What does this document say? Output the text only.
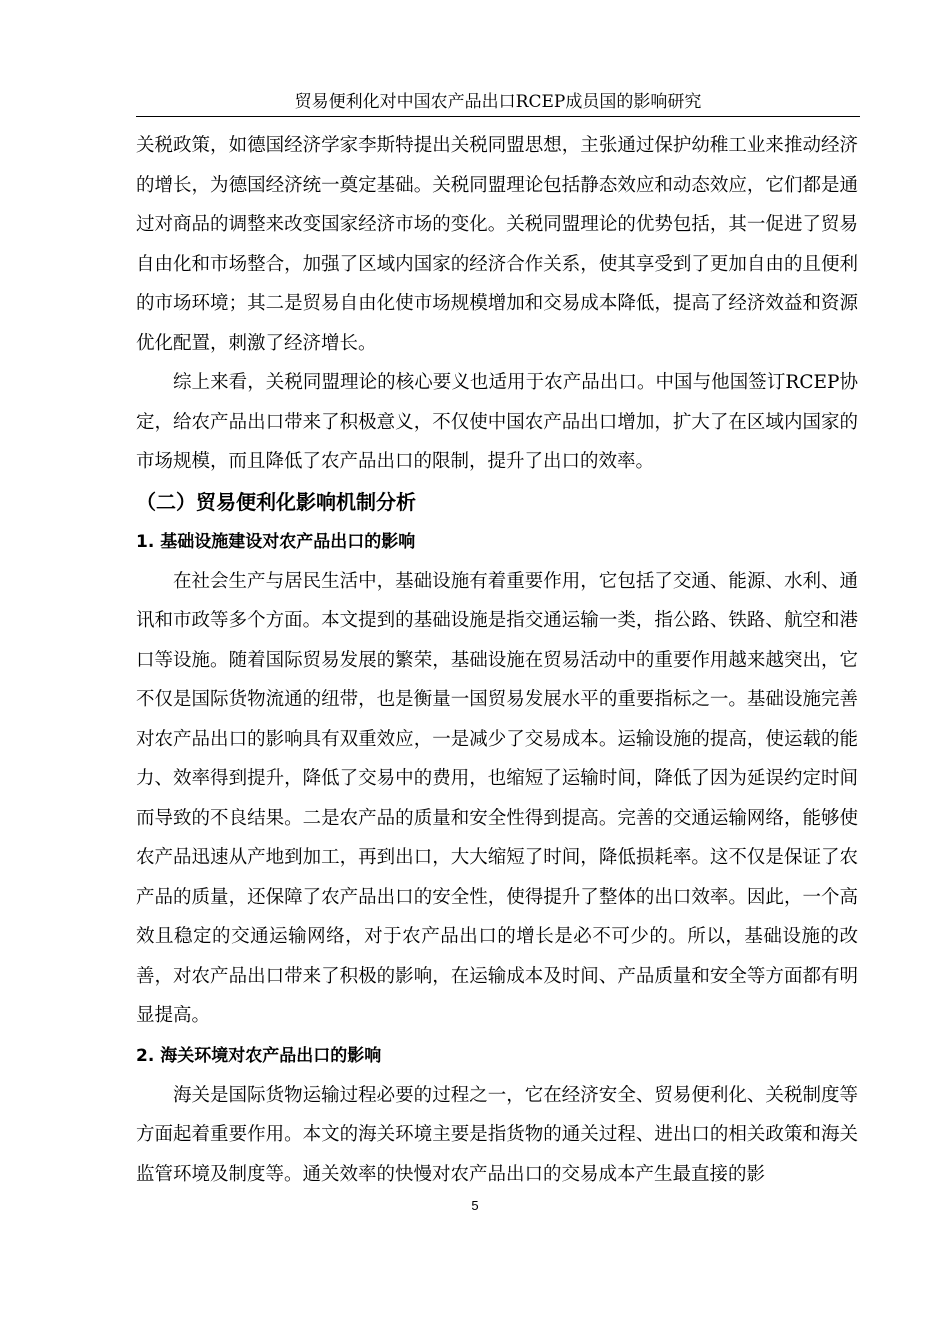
贸易便利化对中国农产品出口RCEP成员国的影响研究

关税政策，如德国经济学家李斯特提出关税同盟思想，主张通过保护幼稚工业来推动经济的增长，为德国经济统一奠定基础。关税同盟理论包括静态效应和动态效应，它们都是通过对商品的调整来改变国家经济市场的变化。关税同盟理论的优势包括，其一促进了贸易自由化和市场整合，加强了区域内国家的经济合作关系，使其享受到了更加自由的且便利的市场环境；其二是贸易自由化使市场规模增加和交易成本降低，提高了经济效益和资源优化配置，刺激了经济增长。

综上来看，关税同盟理论的核心要义也适用于农产品出口。中国与他国签订RCEP协定，给农产品出口带来了积极意义，不仅使中国农产品出口增加，扩大了在区域内国家的市场规模，而且降低了农产品出口的限制，提升了出口的效率。

（二）贸易便利化影响机制分析
1. 基础设施建设对农产品出口的影响

在社会生产与居民生活中，基础设施有着重要作用，它包括了交通、能源、水利、通讯和市政等多个方面。本文提到的基础设施是指交通运输一类，指公路、铁路、航空和港口等设施。随着国际贸易发展的繁荣，基础设施在贸易活动中的重要作用越来越突出，它不仅是国际货物流通的纽带，也是衡量一国贸易发展水平的重要指标之一。基础设施完善对农产品出口的影响具有双重效应，一是减少了交易成本。运输设施的提高，使运载的能力、效率得到提升，降低了交易中的费用，也缩短了运输时间，降低了因为延误约定时间而导致的不良结果。二是农产品的质量和安全性得到提高。完善的交通运输网络，能够使农产品迅速从产地到加工，再到出口，大大缩短了时间，降低损耗率。这不仅是保证了农产品的质量，还保障了农产品出口的安全性，使得提升了整体的出口效率。因此，一个高效且稳定的交通运输网络，对于农产品出口的增长是必不可少的。所以，基础设施的改善，对农产品出口带来了积极的影响，在运输成本及时间、产品质量和安全等方面都有明显提高。

2. 海关环境对农产品出口的影响

海关是国际货物运输过程必要的过程之一，它在经济安全、贸易便利化、关税制度等方面起着重要作用。本文的海关环境主要是指货物的通关过程、进出口的相关政策和海关监管环境及制度等。通关效率的快慢对农产品出口的交易成本产生最直接的影

5
